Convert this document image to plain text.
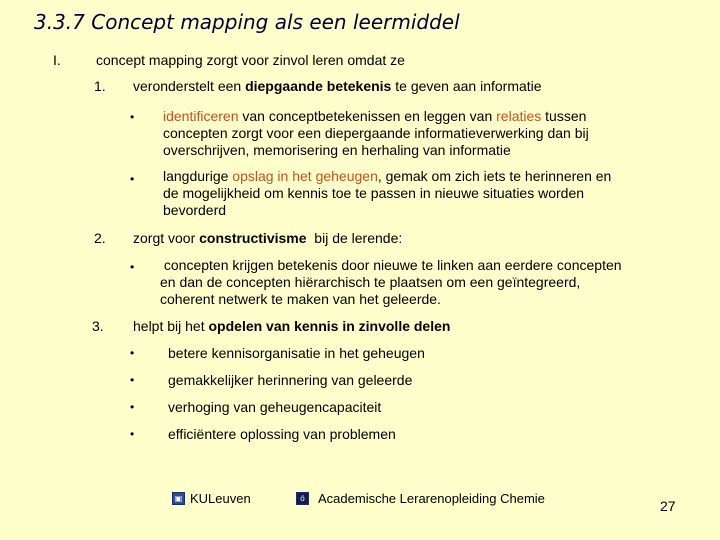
3.3.7 Concept mapping als een leermiddel
I.	concept mapping zorgt voor zinvol leren omdat ze
1. veronderstelt een diepgaande betekenis te geven aan informatie
• identificeren van conceptbetekenissen en leggen van relaties tussen

concepten zorgt voor een diepergaande informatieverwerking dan bij

overschrijven, memorisering en herhaling van informatie

• langdurige opslag in het geheugen, gemak om zich iets te herinneren en

de mogelijkheid om kennis toe te passen in nieuwe situaties worden

bevorderd

2. zorgt voor constructivisme  bij de lerende:
• concepten krijgen betekenis door nieuwe te linken aan eerdere concepten

en dan de concepten hiërarchisch te plaatsen om een geïntegreerd,

coherent netwerk te maken van het geleerde.

3. helpt bij het opdelen van kennis in zinvolle delen
• betere kennisorganisatie in het geheugen
• gemakkelijker herinnering van geleerde
• verhoging van geheugencapaciteit
• efficiëntere oplossing van problemen
▣ KULeuven	ó	Academische Lerarenopleiding Chemie	27
